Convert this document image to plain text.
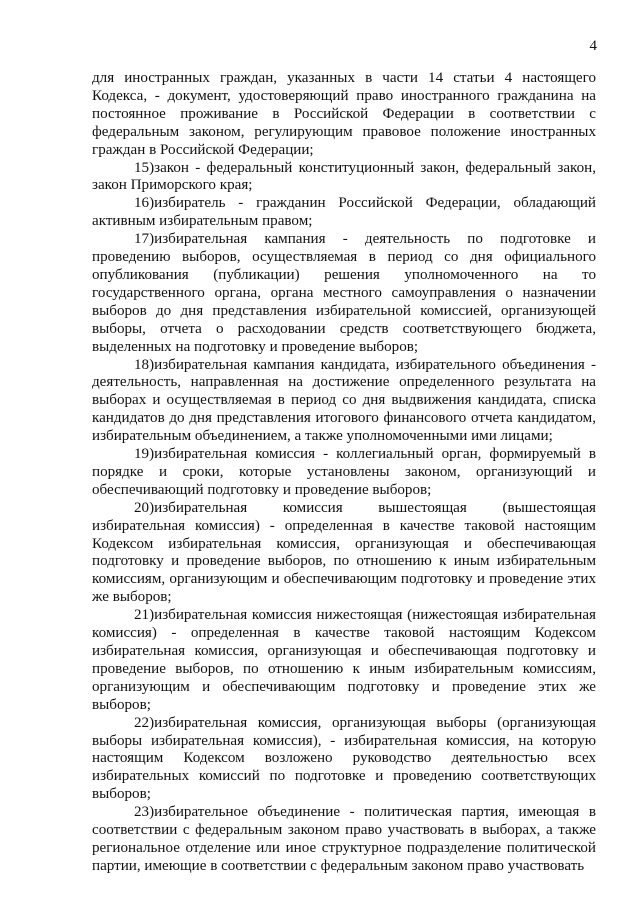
4

для иностранных граждан, указанных в части 14 статьи 4 настоящего Кодекса, - документ, удостоверяющий право иностранного гражданина на постоянное проживание в Российской Федерации в соответствии с федеральным законом, регулирующим правовое положение иностранных граждан в Российской Федерации;

15)закон - федеральный конституционный закон, федеральный закон, закон Приморского края;

16)избиратель - гражданин Российской Федерации, обладающий активным избирательным правом;

17)избирательная кампания - деятельность по подготовке и проведению выборов, осуществляемая в период со дня официального опубликования (публикации) решения уполномоченного на то государственного органа, органа местного самоуправления о назначении выборов до дня представления избирательной комиссией, организующей выборы, отчета о расходовании средств соответствующего бюджета, выделенных на подготовку и проведение выборов;

18)избирательная кампания кандидата, избирательного объединения - деятельность, направленная на достижение определенного результата на выборах и осуществляемая в период со дня выдвижения кандидата, списка кандидатов до дня представления итогового финансового отчета кандидатом, избирательным объединением, а также уполномоченными ими лицами;

19)избирательная комиссия - коллегиальный орган, формируемый в порядке и сроки, которые установлены законом, организующий и обеспечивающий подготовку и проведение выборов;

20)избирательная комиссия вышестоящая (вышестоящая избирательная комиссия) - определенная в качестве таковой настоящим Кодексом избирательная комиссия, организующая и обеспечивающая подготовку и проведение выборов, по отношению к иным избирательным комиссиям, организующим и обеспечивающим подготовку и проведение этих же выборов;

21)избирательная комиссия нижестоящая (нижестоящая избирательная комиссия) - определенная в качестве таковой настоящим Кодексом избирательная комиссия, организующая и обеспечивающая подготовку и проведение выборов, по отношению к иным избирательным комиссиям, организующим и обеспечивающим подготовку и проведение этих же выборов;

22)избирательная комиссия, организующая выборы (организующая выборы избирательная комиссия), - избирательная комиссия, на которую настоящим Кодексом возложено руководство деятельностью всех избирательных комиссий по подготовке и проведению соответствующих выборов;

23)избирательное объединение - политическая партия, имеющая в соответствии с федеральным законом право участвовать в выборах, а также региональное отделение или иное структурное подразделение политической партии, имеющие в соответствии с федеральным законом право участвовать
